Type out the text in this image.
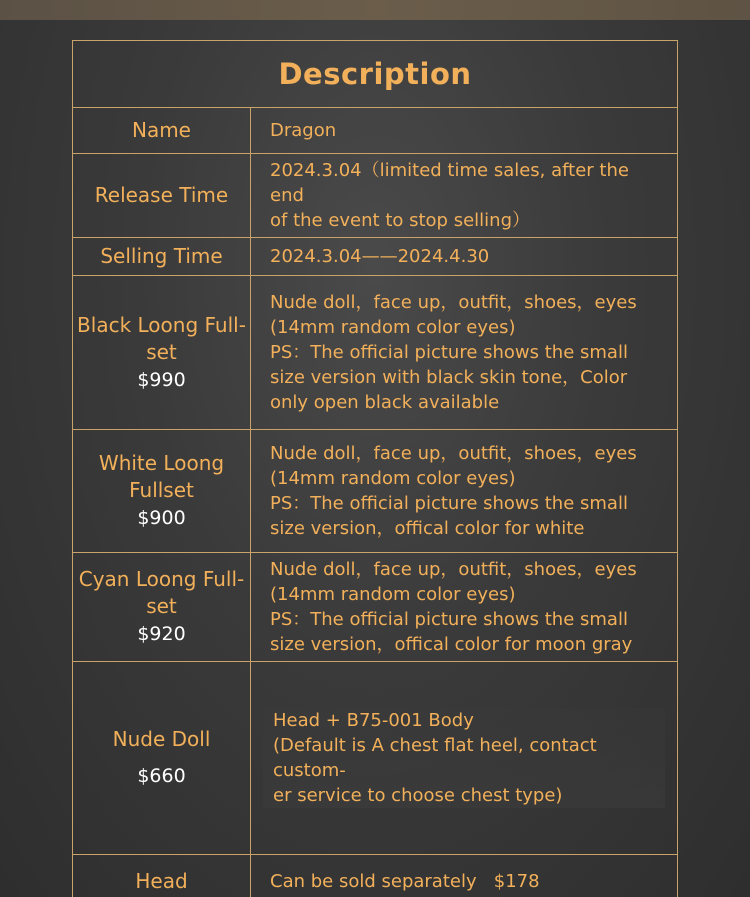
Description	
Name	Dragon
Release Time	2024.3.04（limited time sales, after the end
of the event to stop selling）

Selling Time	2024.3.04——2024.4.30

Black Loong Full-
set
$990	Nude doll，face up，outfit，shoes，eyes
(14mm random color eyes)
PS：The official picture shows the small
size version with black skin tone，Color
only open black available

White Loong
Fullset
$900	Nude doll，face up，outfit，shoes，eyes
(14mm random color eyes)
PS：The official picture shows the small
size version，offical color for white

Cyan Loong Full-
set
$920	Nude doll，face up，outfit，shoes，eyes
(14mm random color eyes)
PS：The official picture shows the small
size version，offical color for moon gray

Nude Doll
$660	Head + B75-001 Body
(Default is A chest flat heel, contact custom-
er service to choose chest type)

Head	Can be sold separately   $178
